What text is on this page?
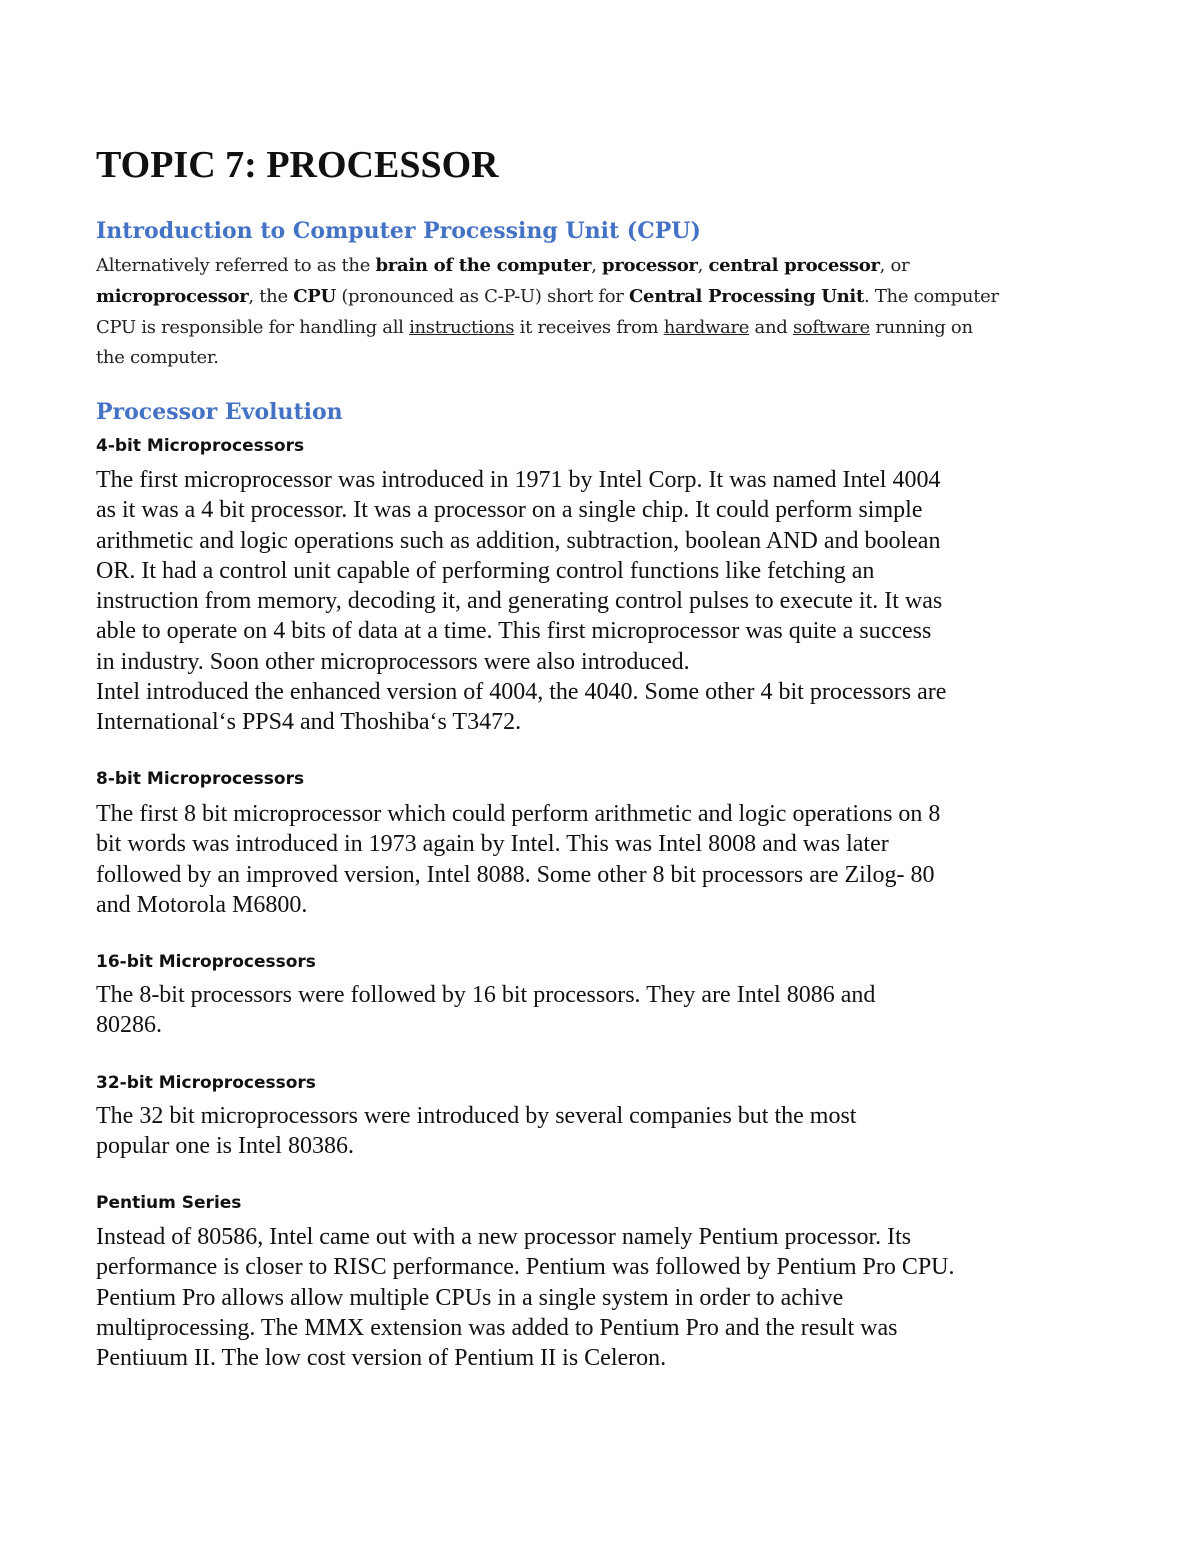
TOPIC 7: PROCESSOR
Introduction to Computer Processing Unit (CPU)

Alternatively referred to as the brain of the computer, processor, central processor, or
microprocessor, the CPU (pronounced as C-P-U) short for Central Processing Unit. The computer
CPU is responsible for handling all instructions it receives from hardware and software running on
the computer.

Processor Evolution
4-bit Microprocessors

The first microprocessor was introduced in 1971 by Intel Corp. It was named Intel 4004
as it was a 4 bit processor. It was a processor on a single chip. It could perform simple
arithmetic and logic operations such as addition, subtraction, boolean AND and boolean
OR. It had a control unit capable of performing control functions like fetching an
instruction from memory, decoding it, and generating control pulses to execute it. It was
able to operate on 4 bits of data at a time. This first microprocessor was quite a success
in industry. Soon other microprocessors were also introduced.
Intel introduced the enhanced version of 4004, the 4040. Some other 4 bit processors are
International‘s PPS4 and Thoshiba‘s T3472.

8-bit Microprocessors

The first 8 bit microprocessor which could perform arithmetic and logic operations on 8
bit words was introduced in 1973 again by Intel. This was Intel 8008 and was later
followed by an improved version, Intel 8088. Some other 8 bit processors are Zilog- 80
and Motorola M6800.

16-bit Microprocessors

The 8-bit processors were followed by 16 bit processors. They are Intel 8086 and
80286.

32-bit Microprocessors

The 32 bit microprocessors were introduced by several companies but the most
popular one is Intel 80386.

Pentium Series

Instead of 80586, Intel came out with a new processor namely Pentium processor. Its
performance is closer to RISC performance. Pentium was followed by Pentium Pro CPU.
Pentium Pro allows allow multiple CPUs in a single system in order to achive
multiprocessing. The MMX extension was added to Pentium Pro and the result was
Pentiuum II. The low cost version of Pentium II is Celeron.
